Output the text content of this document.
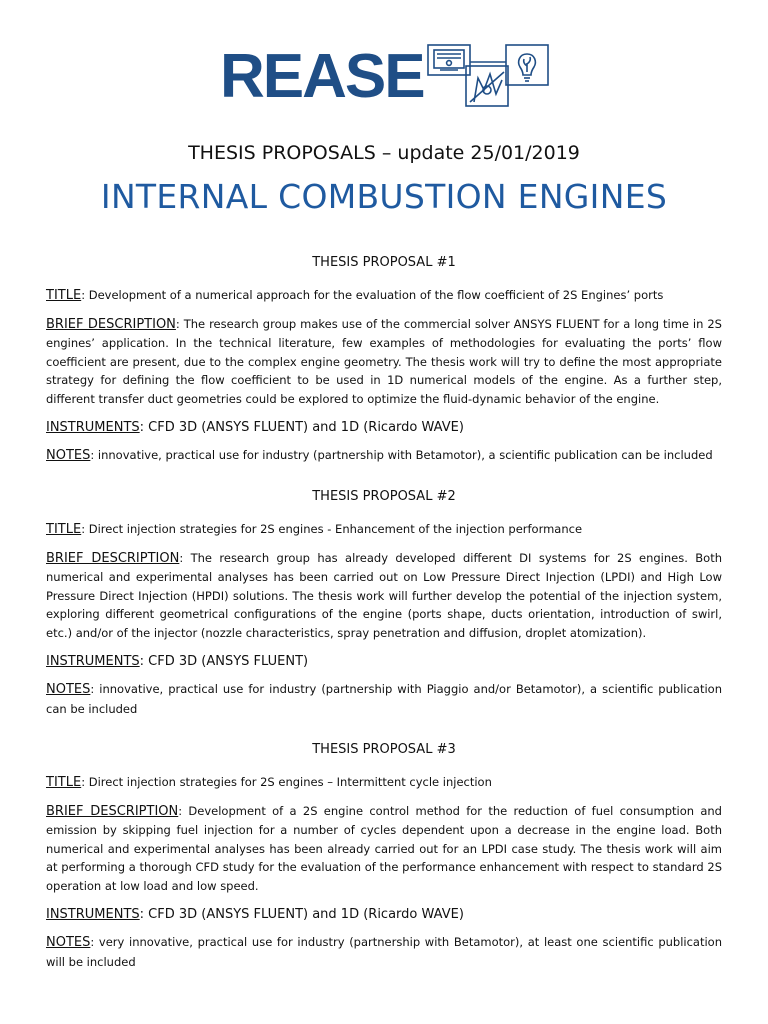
REASE
THESIS PROPOSALS – update 25/01/2019
INTERNAL COMBUSTION ENGINES
THESIS PROPOSAL #1

TITLE: Development of a numerical approach for the evaluation of the flow coefficient of 2S Engines’ ports

BRIEF DESCRIPTION: The research group makes use of the commercial solver ANSYS FLUENT for a long time in 2S engines’ application. In the technical literature, few examples of methodologies for evaluating the ports’ flow coefficient are present, due to the complex engine geometry. The thesis work will try to define the most appropriate strategy for defining the flow coefficient to be used in 1D numerical models of the engine. As a further step, different transfer duct geometries could be explored to optimize the fluid-dynamic behavior of the engine.

INSTRUMENTS: CFD 3D (ANSYS FLUENT) and 1D (Ricardo WAVE)

NOTES: innovative, practical use for industry (partnership with Betamotor), a scientific publication can be included

THESIS PROPOSAL #2

TITLE: Direct injection strategies for 2S engines - Enhancement of the injection performance

BRIEF DESCRIPTION: The research group has already developed different DI systems for 2S engines. Both numerical and experimental analyses has been carried out on Low Pressure Direct Injection (LPDI) and High Low Pressure Direct Injection (HPDI) solutions. The thesis work will further develop the potential of the injection system, exploring different geometrical configurations of the engine (ports shape, ducts orientation, introduction of swirl, etc.) and/or of the injector (nozzle characteristics, spray penetration and diffusion, droplet atomization).

INSTRUMENTS: CFD 3D (ANSYS FLUENT)

NOTES: innovative, practical use for industry (partnership with Piaggio and/or Betamotor), a scientific publication can be included

THESIS PROPOSAL #3

TITLE: Direct injection strategies for 2S engines – Intermittent cycle injection

BRIEF DESCRIPTION: Development of a 2S engine control method for the reduction of fuel consumption and emission by skipping fuel injection for a number of cycles dependent upon a decrease in the engine load. Both numerical and experimental analyses has been already carried out for an LPDI case study. The thesis work will aim at performing a thorough CFD study for the evaluation of the performance enhancement with respect to standard 2S operation at low load and low speed.

INSTRUMENTS: CFD 3D (ANSYS FLUENT) and 1D (Ricardo WAVE)

NOTES: very innovative, practical use for industry (partnership with Betamotor), at least one scientific publication will be included
